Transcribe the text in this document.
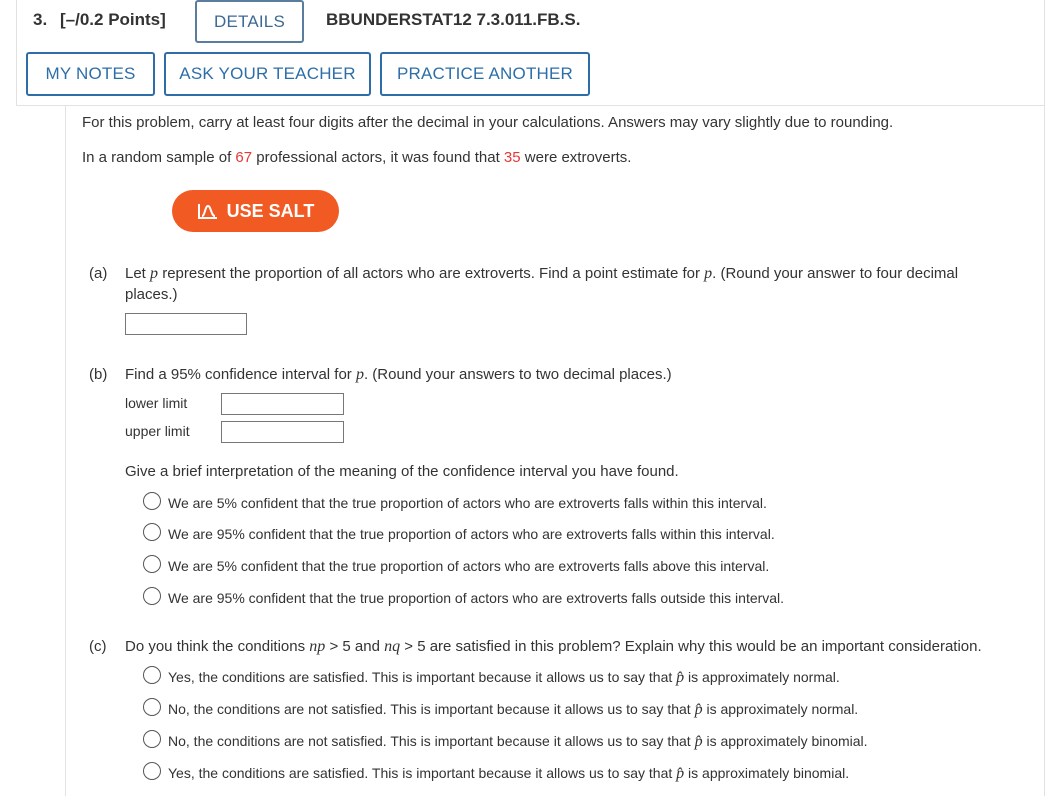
3. [–/0.2 Points]	DETAILS	BBUNDERSTAT12 7.3.011.FB.S.
MY NOTES	ASK YOUR TEACHER	PRACTICE ANOTHER
For this problem, carry at least four digits after the decimal in your calculations. Answers may vary slightly due to rounding.
In a random sample of 67 professional actors, it was found that 35 were extroverts.
USE SALT
(a) Let p represent the proportion of all actors who are extroverts. Find a point estimate for p. (Round your answer to four decimal
places.)
(b) Find a 95% confidence interval for p. (Round your answers to two decimal places.)
lower limit
upper limit
Give a brief interpretation of the meaning of the confidence interval you have found.
We are 5% confident that the true proportion of actors who are extroverts falls within this interval.
We are 95% confident that the true proportion of actors who are extroverts falls within this interval.
We are 5% confident that the true proportion of actors who are extroverts falls above this interval.
We are 95% confident that the true proportion of actors who are extroverts falls outside this interval.
(c) Do you think the conditions np > 5 and nq > 5 are satisfied in this problem? Explain why this would be an important consideration.
Yes, the conditions are satisfied. This is important because it allows us to say that p̂ is approximately normal.
No, the conditions are not satisfied. This is important because it allows us to say that p̂ is approximately normal.
No, the conditions are not satisfied. This is important because it allows us to say that p̂ is approximately binomial.
Yes, the conditions are satisfied. This is important because it allows us to say that p̂ is approximately binomial.
